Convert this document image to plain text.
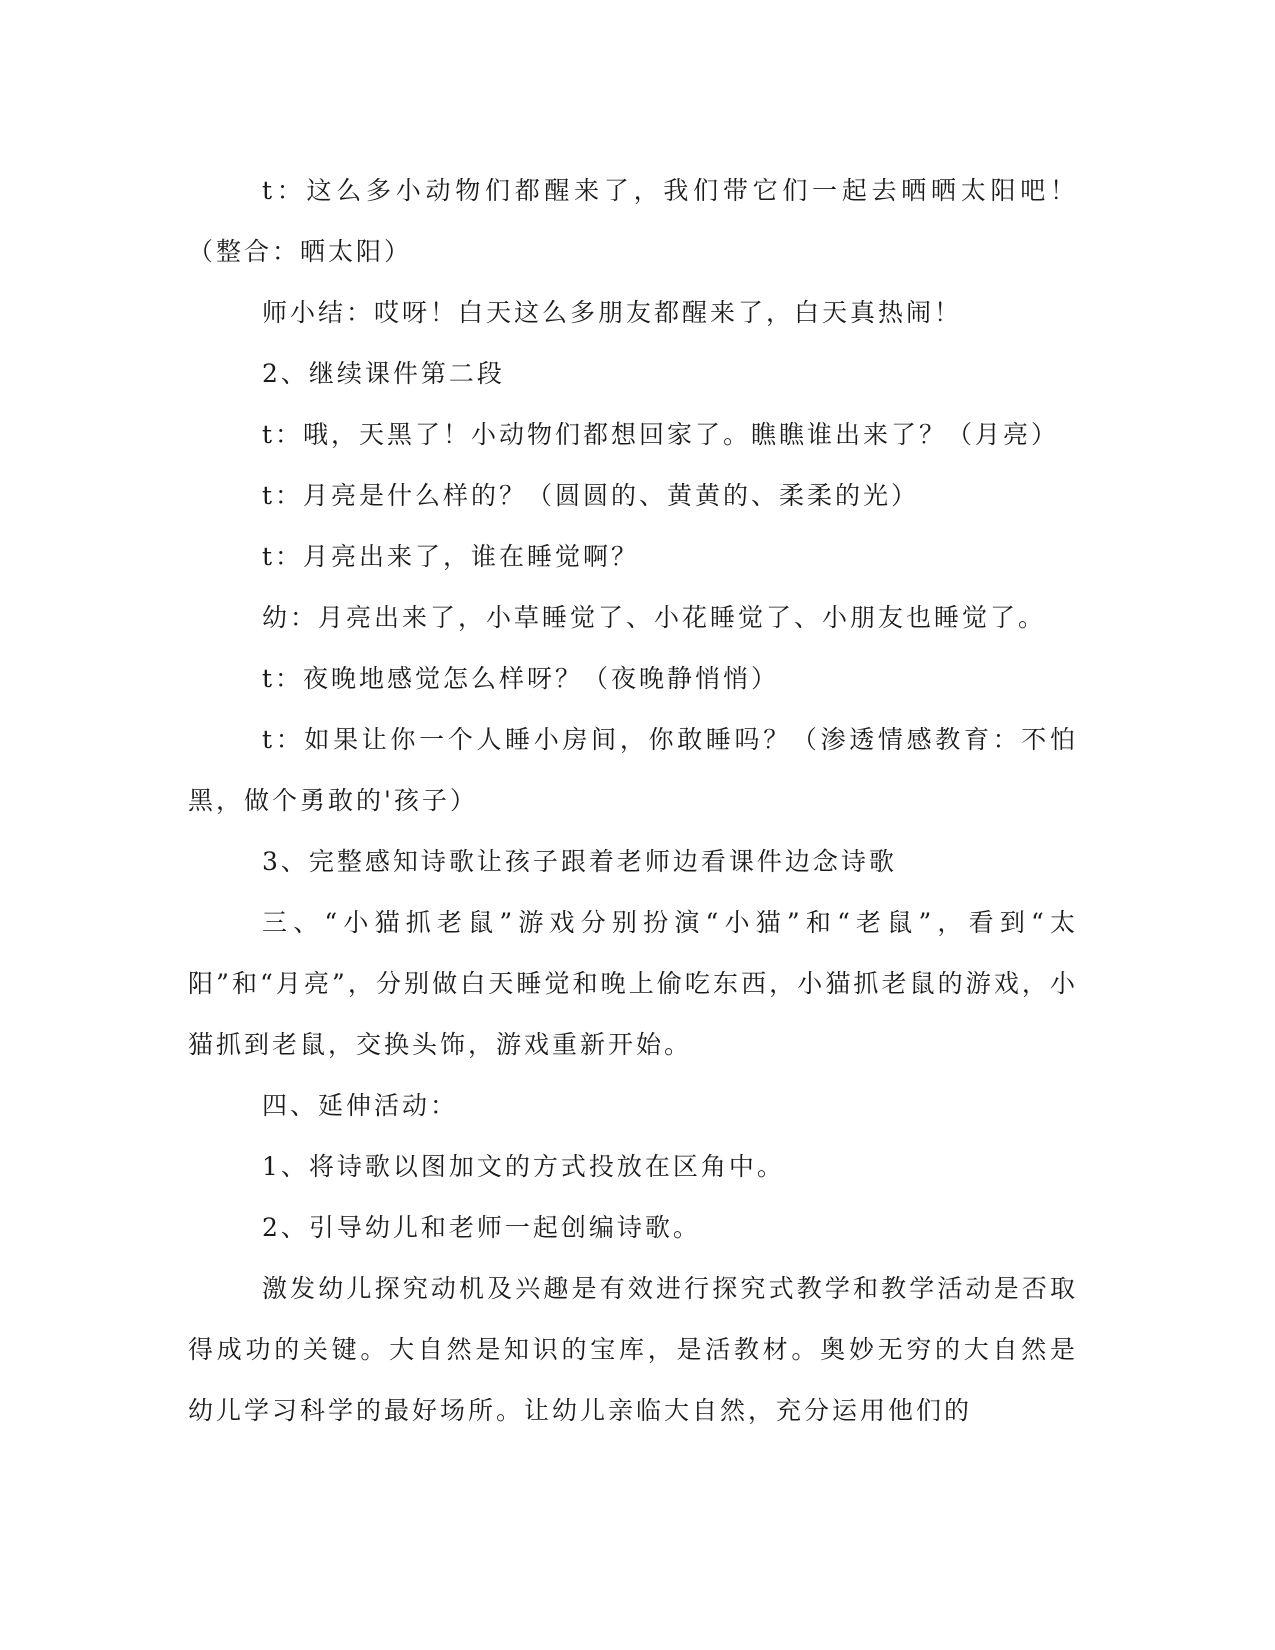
t：这么多小动物们都醒来了，我们带它们一起去晒晒太阳吧！（整合：晒太阳）

师小结：哎呀！白天这么多朋友都醒来了，白天真热闹！

2、继续课件第二段

t：哦，天黑了！小动物们都想回家了。瞧瞧谁出来了？（月亮）

t：月亮是什么样的？（圆圆的、黄黄的、柔柔的光）

t：月亮出来了，谁在睡觉啊？

幼：月亮出来了，小草睡觉了、小花睡觉了、小朋友也睡觉了。

t：夜晚地感觉怎么样呀？（夜晚静悄悄）

t：如果让你一个人睡小房间，你敢睡吗？（渗透情感教育：不怕黑，做个勇敢的'孩子）

3、完整感知诗歌让孩子跟着老师边看课件边念诗歌

三、“小猫抓老鼠”游戏分别扮演“小猫”和“老鼠”，看到“太阳”和“月亮”，分别做白天睡觉和晚上偷吃东西，小猫抓老鼠的游戏，小猫抓到老鼠，交换头饰，游戏重新开始。

四、延伸活动：

1、将诗歌以图加文的方式投放在区角中。

2、引导幼儿和老师一起创编诗歌。

激发幼儿探究动机及兴趣是有效进行探究式教学和教学活动是否取得成功的关键。大自然是知识的宝库，是活教材。奥妙无穷的大自然是幼儿学习科学的最好场所。让幼儿亲临大自然，充分运用他们的
